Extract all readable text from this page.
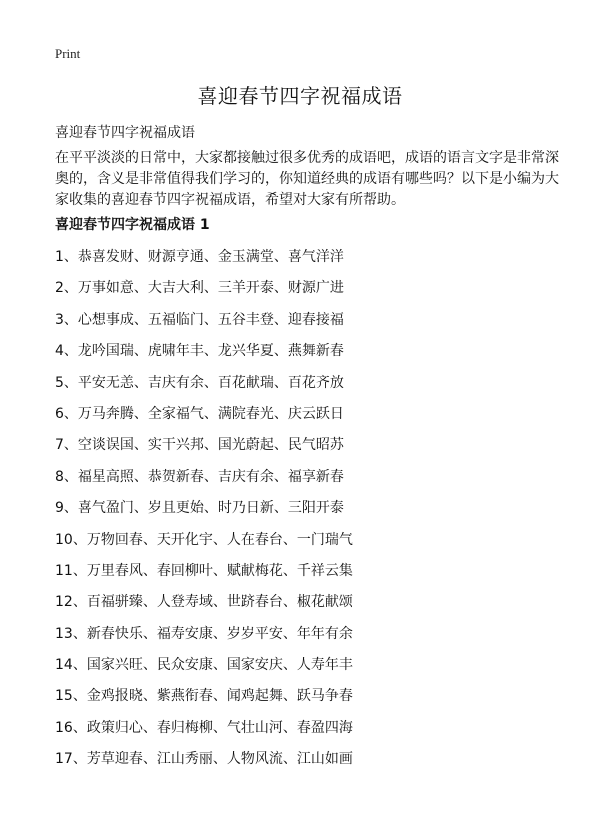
Print
喜迎春节四字祝福成语

喜迎春节四字祝福成语

在平平淡淡的日常中，大家都接触过很多优秀的成语吧，成语的语言文字是非常深奥的，含义是非常值得我们学习的，你知道经典的成语有哪些吗？以下是小编为大家收集的喜迎春节四字祝福成语，希望对大家有所帮助。

喜迎春节四字祝福成语 1
1、恭喜发财、财源亨通、金玉满堂、喜气洋洋
2、万事如意、大吉大利、三羊开泰、财源广进
3、心想事成、五福临门、五谷丰登、迎春接福
4、龙吟国瑞、虎啸年丰、龙兴华夏、燕舞新春
5、平安无恙、吉庆有余、百花献瑞、百花齐放
6、万马奔腾、全家福气、满院春光、庆云跃日
7、空谈误国、实干兴邦、国光蔚起、民气昭苏
8、福星高照、恭贺新春、吉庆有余、福享新春
9、喜气盈门、岁且更始、时乃日新、三阳开泰
10、万物回春、天开化宇、人在春台、一门瑞气
11、万里春风、春回柳叶、赋献梅花、千祥云集
12、百福骈臻、人登寿域、世跻春台、椒花献颂
13、新春快乐、福寿安康、岁岁平安、年年有余
14、国家兴旺、民众安康、国家安庆、人寿年丰
15、金鸡报晓、紫燕衔春、闻鸡起舞、跃马争春
16、政策归心、春归梅柳、气壮山河、春盈四海
17、芳草迎春、江山秀丽、人物风流、江山如画
